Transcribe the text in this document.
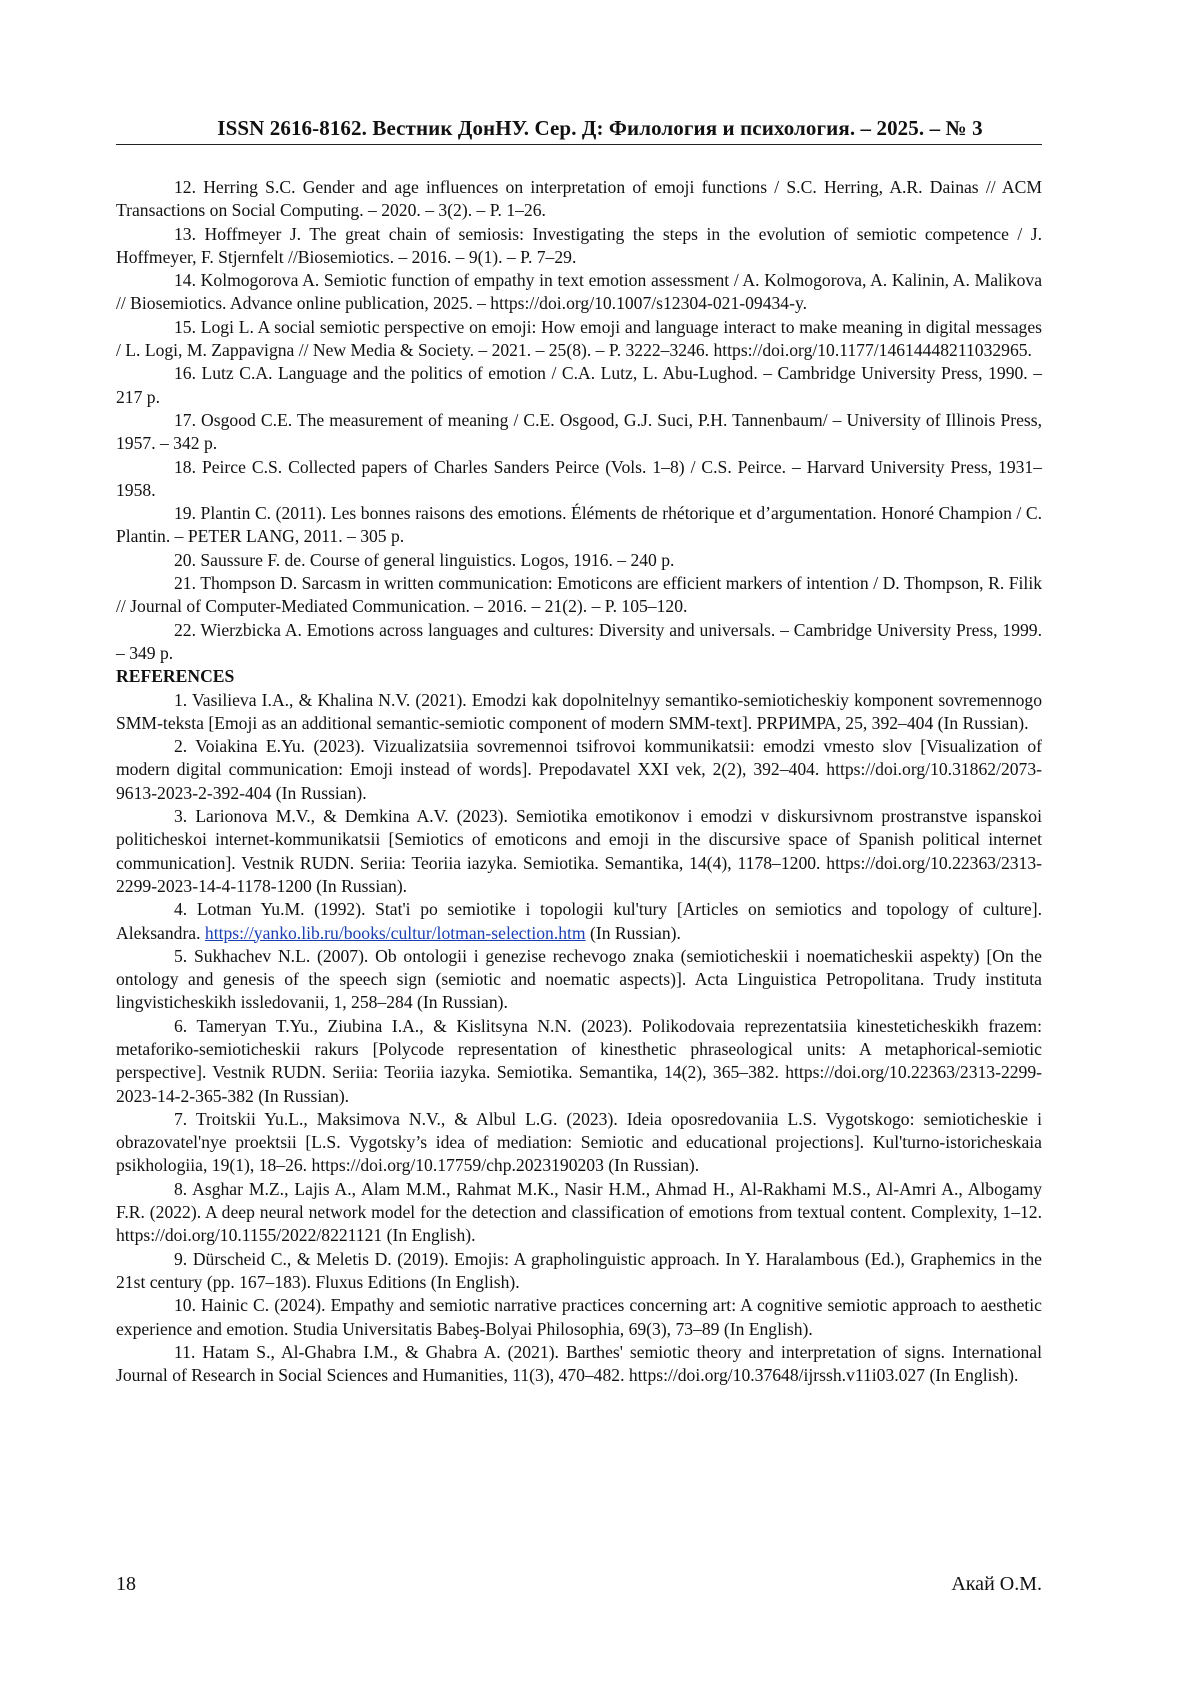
ISSN 2616-8162. Вестник ДонНУ. Сер. Д: Филология и психология. – 2025. – № 3

12. Herring S.C. Gender and age influences on interpretation of emoji functions / S.C. Herring, A.R. Dainas // ACM Transactions on Social Computing. – 2020. – 3(2). – P. 1–26.

13. Hoffmeyer J. The great chain of semiosis: Investigating the steps in the evolution of semiotic competence / J. Hoffmeyer, F. Stjernfelt //Biosemiotics. – 2016. – 9(1). – P. 7–29.

14. Kolmogorova A. Semiotic function of empathy in text emotion assessment / A. Kolmogorova, A. Kalinin, A. Malikova // Biosemiotics. Advance online publication, 2025. – https://doi.org/10.1007/s12304-021-09434-y.

15. Logi L. A social semiotic perspective on emoji: How emoji and language interact to make meaning in digital messages / L. Logi, M. Zappavigna // New Media & Society. – 2021. – 25(8). – P. 3222–3246. https://doi.org/10.1177/14614448211032965.

16. Lutz C.A. Language and the politics of emotion / C.A. Lutz, L. Abu-Lughod. – Cambridge University Press, 1990. – 217 p.

17. Osgood C.E. The measurement of meaning / C.E. Osgood, G.J. Suci, P.H. Tannenbaum/ – University of Illinois Press, 1957. – 342 p.

18. Peirce C.S. Collected papers of Charles Sanders Peirce (Vols. 1–8) / C.S. Peirce. – Harvard University Press, 1931–1958.

19. Plantin C. (2011). Les bonnes raisons des emotions. Éléments de rhétorique et d’argumentation. Honoré Champion / C. Plantin. – PETER LANG, 2011. – 305 p.

20. Saussure F. de. Course of general linguistics. Logos, 1916. – 240 p.

21. Thompson D. Sarcasm in written communication: Emoticons are efficient markers of intention / D. Thompson, R. Filik // Journal of Computer-Mediated Communication. – 2016. – 21(2). – P. 105–120.

22. Wierzbicka A. Emotions across languages and cultures: Diversity and universals. – Cambridge University Press, 1999. – 349 p.

REFERENCES

1. Vasilieva I.A., & Khalina N.V. (2021). Emodzi kak dopolnitelnyy semantiko-semioticheskiy komponent sovremennogo SMM-teksta [Emoji as an additional semantic-semiotic component of modern SMM-text]. PRРИМРА, 25, 392–404 (In Russian).

2. Voiakina E.Yu. (2023). Vizualizatsiia sovremennoi tsifrovoi kommunikatsii: emodzi vmesto slov [Visualization of modern digital communication: Emoji instead of words]. Prepodavatel XXI vek, 2(2), 392–404. https://doi.org/10.31862/2073-9613-2023-2-392-404 (In Russian).

3. Larionova M.V., & Demkina A.V. (2023). Semiotika emotikonov i emodzi v diskursivnom prostranstve ispanskoi politicheskoi internet-kommunikatsii [Semiotics of emoticons and emoji in the discursive space of Spanish political internet communication]. Vestnik RUDN. Seriia: Teoriia iazyka. Semiotika. Semantika, 14(4), 1178–1200. https://doi.org/10.22363/2313-2299-2023-14-4-1178-1200 (In Russian).

4. Lotman Yu.M. (1992). Stat'i po semiotike i topologii kul'tury [Articles on semiotics and topology of culture]. Aleksandra. https://yanko.lib.ru/books/cultur/lotman-selection.htm (In Russian).

5. Sukhachev N.L. (2007). Ob ontologii i genezise rechevogo znaka (semioticheskii i noematicheskii aspekty) [On the ontology and genesis of the speech sign (semiotic and noematic aspects)]. Acta Linguistica Petropolitana. Trudy instituta lingvisticheskikh issledovanii, 1, 258–284 (In Russian).

6. Tameryan T.Yu., Ziubina I.A., & Kislitsyna N.N. (2023). Polikodovaia reprezentatsiia kinesteticheskikh frazem: metaforiko-semioticheskii rakurs [Polycode representation of kinesthetic phraseological units: A metaphorical-semiotic perspective]. Vestnik RUDN. Seriia: Teoriia iazyka. Semiotika. Semantika, 14(2), 365–382. https://doi.org/10.22363/2313-2299-2023-14-2-365-382 (In Russian).

7. Troitskii Yu.L., Maksimova N.V., & Albul L.G. (2023). Ideia oposredovaniia L.S. Vygotskogo: semioticheskie i obrazovatel'nye proektsii [L.S. Vygotsky’s idea of mediation: Semiotic and educational projections]. Kul'turno-istoricheskaia psikhologiia, 19(1), 18–26. https://doi.org/10.17759/chp.2023190203 (In Russian).

8. Asghar M.Z., Lajis A., Alam M.M., Rahmat M.K., Nasir H.M., Ahmad H., Al-Rakhami M.S., Al-Amri A., Albogamy F.R. (2022). A deep neural network model for the detection and classification of emotions from textual content. Complexity, 1–12. https://doi.org/10.1155/2022/8221121 (In English).

9. Dürscheid C., & Meletis D. (2019). Emojis: A grapholinguistic approach. In Y. Haralambous (Ed.), Graphemics in the 21st century (pp. 167–183). Fluxus Editions (In English).

10. Hainic C. (2024). Empathy and semiotic narrative practices concerning art: A cognitive semiotic approach to aesthetic experience and emotion. Studia Universitatis Babeş-Bolyai Philosophia, 69(3), 73–89 (In English).

11. Hatam S., Al-Ghabra I.M., & Ghabra A. (2021). Barthes' semiotic theory and interpretation of signs. International Journal of Research in Social Sciences and Humanities, 11(3), 470–482. https://doi.org/10.37648/ijrssh.v11i03.027 (In English).

18	Акай О.М.
